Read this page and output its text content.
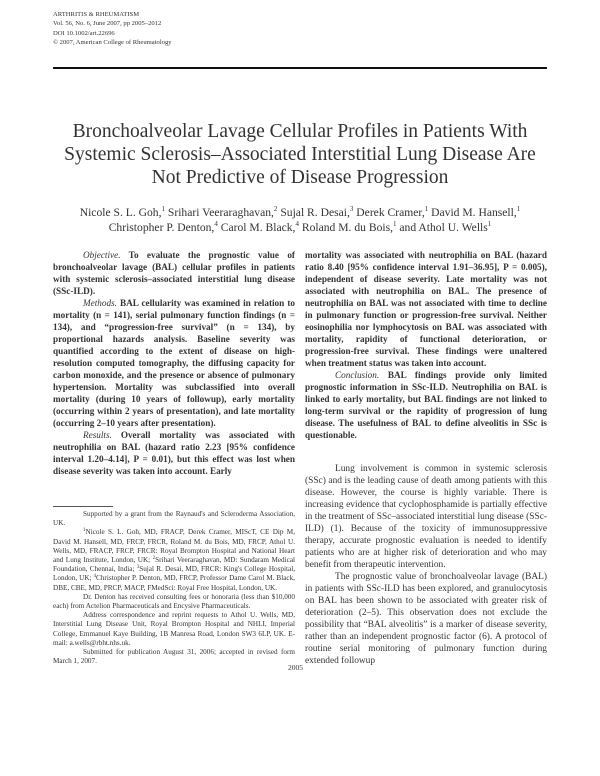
ARTHRITIS & RHEUMATISM
Vol. 56, No. 6, June 2007, pp 2005–2012
DOI 10.1002/art.22696
© 2007, American College of Rheumatology
Bronchoalveolar Lavage Cellular Profiles in Patients With Systemic Sclerosis–Associated Interstitial Lung Disease Are Not Predictive of Disease Progression
Nicole S. L. Goh,$^1$ Srihari Veeraraghavan,$^2$ Sujal R. Desai,$^3$ Derek Cramer,$^1$ David M. Hansell,$^1$
Christopher P. Denton,$^4$ Carol M. Black,$^4$ Roland M. du Bois,$^1$ and Athol U. Wells$^1$

Objective. To evaluate the prognostic value of bronchoalveolar lavage (BAL) cellular profiles in patients with systemic sclerosis–associated interstitial lung disease (SSc-ILD).

Methods. BAL cellularity was examined in relation to mortality (n = 141), serial pulmonary function findings (n = 134), and “progression-free survival” (n = 134), by proportional hazards analysis. Baseline severity was quantified according to the extent of disease on high-resolution computed tomography, the diffusing capacity for carbon monoxide, and the presence or absence of pulmonary hypertension. Mortality was subclassified into overall mortality (during 10 years of followup), early mortality (occurring within 2 years of presentation), and late mortality (occurring 2–10 years after presentation).

Results. Overall mortality was associated with neutrophilia on BAL (hazard ratio 2.23 [95% confidence interval 1.20–4.14], P = 0.01), but this effect was lost when disease severity was taken into account. Early

Supported by a grant from the Raynaud's and Scleroderma Association, UK.

$^1$Nicole S. L. Goh, MD, FRACP, Derek Cramer, MIScT, CE Dip M, David M. Hansell, MD, FRCP, FRCR, Roland M. du Bois, MD, FRCP, Athol U. Wells, MD, FRACP, FRCP, FRCR: Royal Brompton Hospital and National Heart and Lung Institute, London, UK; $^2$Srihari Veeraraghavan, MD: Sundaram Medical Foundation, Chennai, India; $^3$Sujal R. Desai, MD, FRCR: King's College Hospital, London, UK; $^4$Christopher P. Denton, MD, FRCP, Professor Dame Carol M. Black, DBE, CBE, MD, PRCP, MACP, FMedSci: Royal Free Hospital, London, UK.

Dr. Denton has received consulting fees or honoraria (less than $10,000 each) from Actelion Pharmaceuticals and Encysive Pharmaceuticals.

Address correspondence and reprint requests to Athol U. Wells, MD, Interstitial Lung Disease Unit, Royal Brompton Hospital and NHLI, Imperial College, Emmanuel Kaye Building, 1B Manresa Road, London SW3 6LP, UK. E-mail: a.wells@rbht.nhs.uk.

Submitted for publication August 31, 2006; accepted in revised form March 1, 2007.

mortality was associated with neutrophilia on BAL (hazard ratio 8.40 [95% confidence interval 1.91–36.95], P = 0.005), independent of disease severity. Late mortality was not associated with neutrophilia on BAL. The presence of neutrophilia on BAL was not associated with time to decline in pulmonary function or progression-free survival. Neither eosinophilia nor lymphocytosis on BAL was associated with mortality, rapidity of functional deterioration, or progression-free survival. These findings were unaltered when treatment status was taken into account.

Conclusion. BAL findings provide only limited prognostic information in SSc-ILD. Neutrophilia on BAL is linked to early mortality, but BAL findings are not linked to long-term survival or the rapidity of progression of lung disease. The usefulness of BAL to define alveolitis in SSc is questionable.

Lung involvement is common in systemic sclerosis (SSc) and is the leading cause of death among patients with this disease. However, the course is highly variable. There is increasing evidence that cyclophosphamide is partially effective in the treatment of SSc–associated interstitial lung disease (SSc-ILD) (1). Because of the toxicity of immunosuppressive therapy, accurate prognostic evaluation is needed to identify patients who are at higher risk of deterioration and who may benefit from therapeutic intervention.

The prognostic value of bronchoalveolar lavage (BAL) in patients with SSc-ILD has been explored, and granulocytosis on BAL has been shown to be associated with greater risk of deterioration (2–5). This observation does not exclude the possibility that “BAL alveolitis” is a marker of disease severity, rather than an independent prognostic factor (6). A protocol of routine serial monitoring of pulmonary function during extended followup

2005
